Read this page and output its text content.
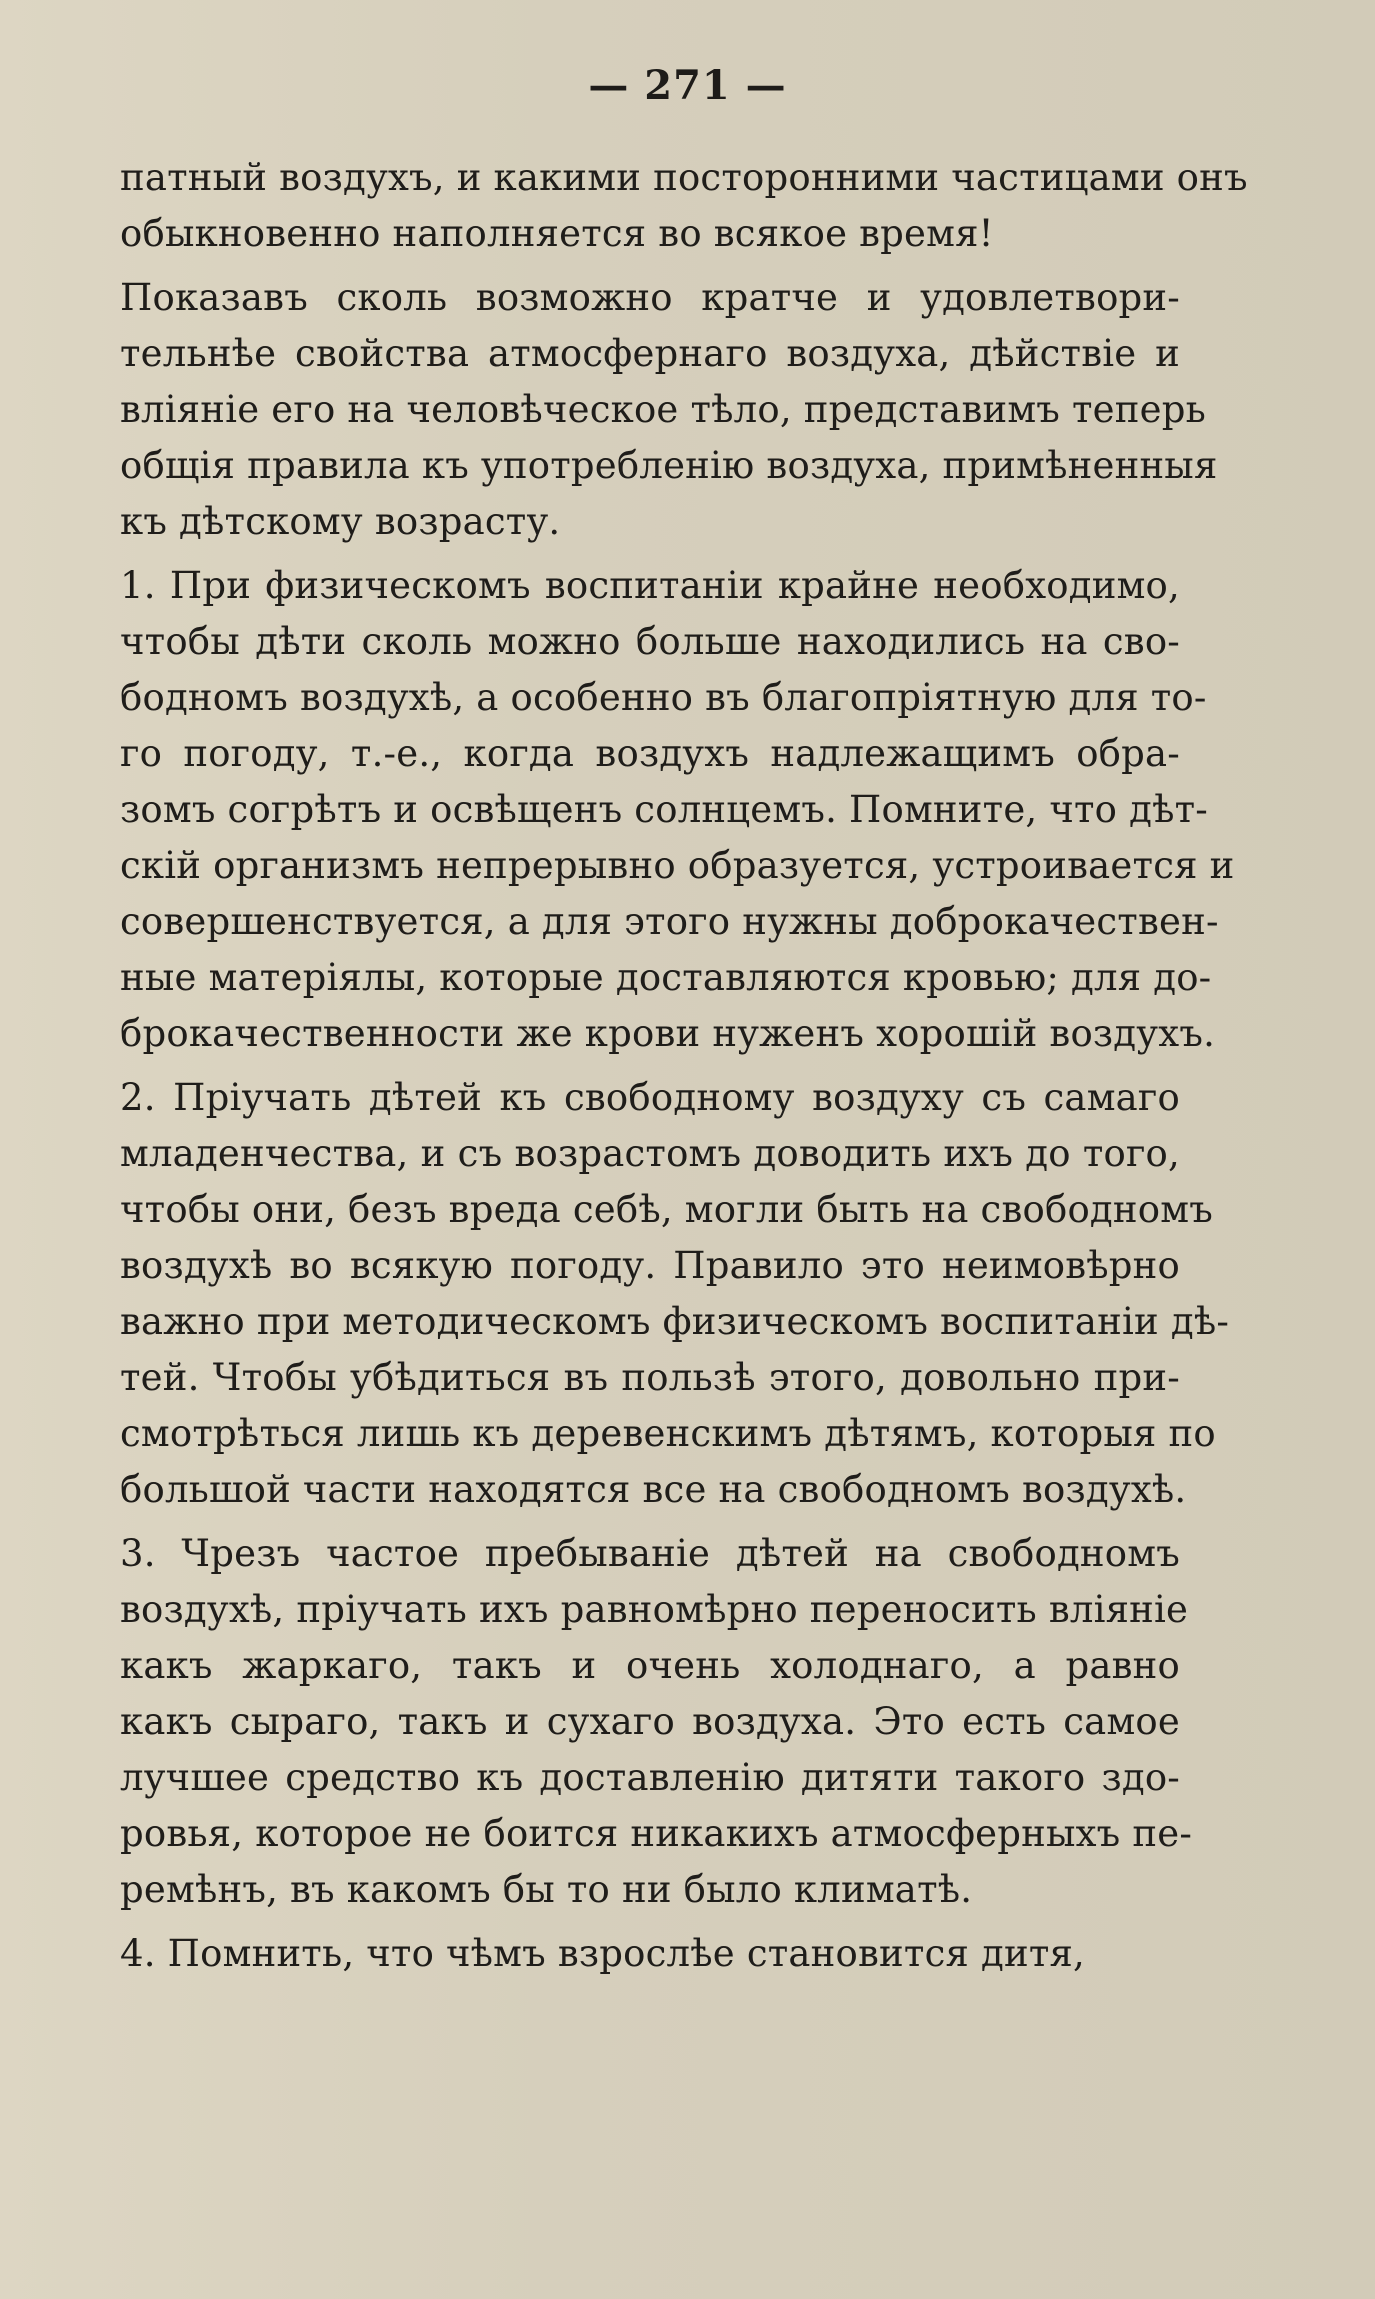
— 271 —
патный воздухъ, и какими посторонними частицами онъ
обыкновенно наполняется во всякое время!
Показавъ сколь возможно кратче и удовлетвори-
тельнѣе свойства атмосфернаго воздуха, дѣйствіе и
вліяніе его на человѣческое тѣло, представимъ теперь
общія правила къ употребленію воздуха, примѣненныя
къ дѣтскому возрасту.
1. При физическомъ воспитаніи крайне необходимо,
чтобы дѣти сколь можно больше находились на сво-
бодномъ воздухѣ, а особенно въ благопріятную для то-
го погоду, т.-е., когда воздухъ надлежащимъ обра-
зомъ согрѣтъ и освѣщенъ солнцемъ. Помните, что дѣт-
скій организмъ непрерывно образуется, устроивается и
совершенствуется, а для этого нужны доброкачествен-
ные матеріялы, которые доставляются кровью; для до-
брокачественности же крови нуженъ хорошій воздухъ.
2. Пріучать дѣтей къ свободному воздуху съ самаго
младенчества, и съ возрастомъ доводить ихъ до того,
чтобы они, безъ вреда себѣ, могли быть на свободномъ
воздухѣ во всякую погоду. Правило это неимовѣрно
важно при методическомъ физическомъ воспитаніи дѣ-
тей. Чтобы убѣдиться въ пользѣ этого, довольно при-
смотрѣться лишь къ деревенскимъ дѣтямъ, которыя по
большой части находятся все на свободномъ воздухѣ.
3. Чрезъ частое пребываніе дѣтей на свободномъ
воздухѣ, пріучать ихъ равномѣрно переносить вліяніе
какъ жаркаго, такъ и очень холоднаго, а равно
какъ сыраго, такъ и сухаго воздуха. Это есть самое
лучшее средство къ доставленію дитяти такого здо-
ровья, которое не боится никакихъ атмосферныхъ пе-
ремѣнъ, въ какомъ бы то ни было климатѣ.
4. Помнить, что чѣмъ взрослѣе становится дитя,
